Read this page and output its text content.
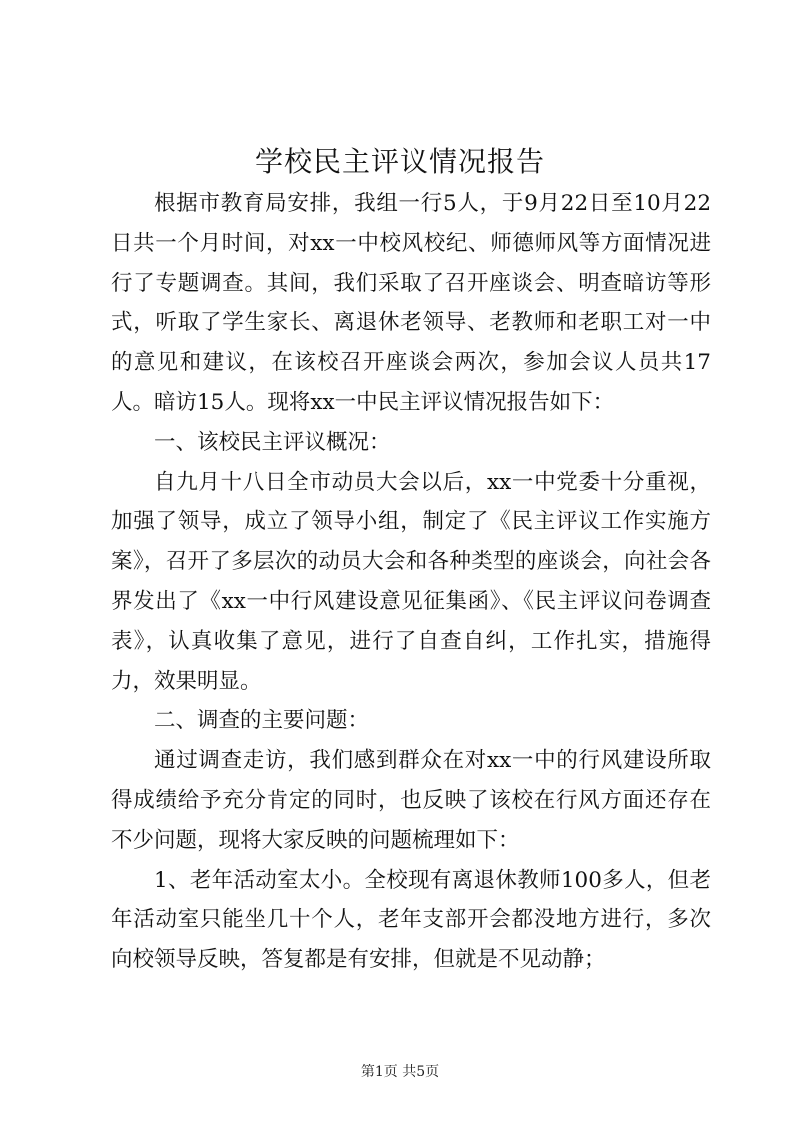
学校民主评议情况报告

根据市教育局安排，我组一行5人，于9月22日至10月22日共一个月时间，对xx一中校风校纪、师德师风等方面情况进行了专题调查。其间，我们采取了召开座谈会、明查暗访等形式，听取了学生家长、离退休老领导、老教师和老职工对一中的意见和建议，在该校召开座谈会两次，参加会议人员共17人。暗访15人。现将xx一中民主评议情况报告如下：

一、该校民主评议概况：

自九月十八日全市动员大会以后，xx一中党委十分重视，加强了领导，成立了领导小组，制定了《民主评议工作实施方案》，召开了多层次的动员大会和各种类型的座谈会，向社会各界发出了《xx一中行风建设意见征集函》、《民主评议问卷调查表》，认真收集了意见，进行了自查自纠，工作扎实，措施得力，效果明显。

二、调查的主要问题：

通过调查走访，我们感到群众在对xx一中的行风建设所取得成绩给予充分肯定的同时，也反映了该校在行风方面还存在不少问题，现将大家反映的问题梳理如下：

1、老年活动室太小。全校现有离退休教师100多人，但老年活动室只能坐几十个人，老年支部开会都没地方进行，多次向校领导反映，答复都是有安排，但就是不见动静；

第1页 共5页
